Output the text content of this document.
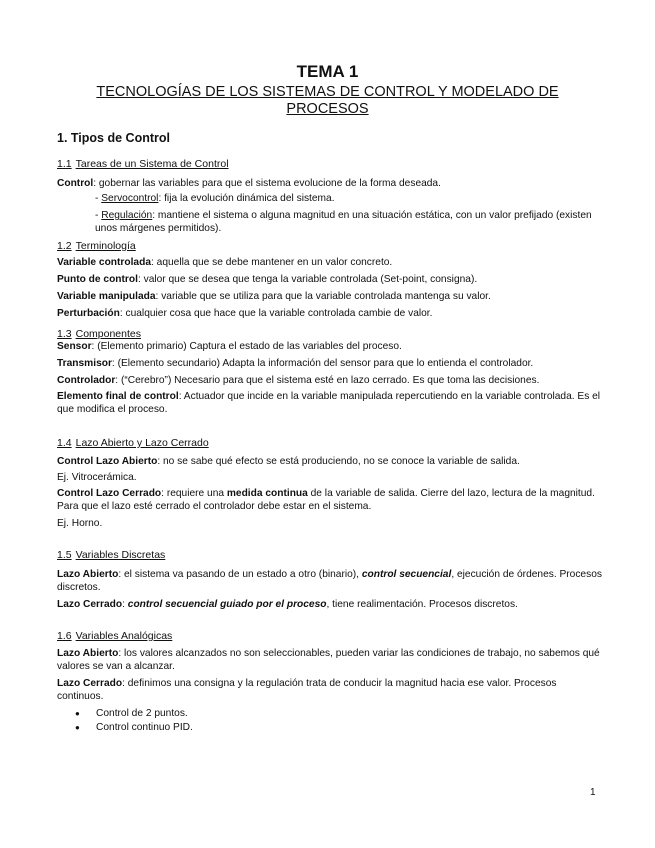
TEMA 1
TECNOLOGÍAS DE LOS SISTEMAS DE CONTROL Y MODELADO DE PROCESOS
1. Tipos de Control
1.1 Tareas de un Sistema de Control
Control: gobernar las variables para que el sistema evolucione de la forma deseada.
- Servocontrol: fija la evolución dinámica del sistema.
- Regulación: mantiene el sistema o alguna magnitud en una situación estática, con un valor prefijado (existen unos márgenes permitidos).
1.2 Terminología
Variable controlada: aquella que se debe mantener en un valor concreto.
Punto de control: valor que se desea que tenga la variable controlada (Set-point, consigna).
Variable manipulada: variable que se utiliza para que la variable controlada mantenga su valor.
Perturbación: cualquier cosa que hace que la variable controlada cambie de valor.
1.3 Componentes
Sensor: (Elemento primario) Captura el estado de las variables del proceso.
Transmisor: (Elemento secundario) Adapta la información del sensor para que lo entienda el controlador.
Controlador: (“Cerebro”) Necesario para que el sistema esté en lazo cerrado. Es que toma las decisiones.
Elemento final de control: Actuador que incide en la variable manipulada repercutiendo en la variable controlada. Es el que modifica el proceso.
1.4 Lazo Abierto y Lazo Cerrado
Control Lazo Abierto: no se sabe qué efecto se está produciendo, no se conoce la variable de salida.
Ej. Vitrocerámica.
Control Lazo Cerrado: requiere una medida continua de la variable de salida. Cierre del lazo, lectura de la magnitud. Para que el lazo esté cerrado el controlador debe estar en el sistema.
Ej. Horno.
1.5 Variables Discretas
Lazo Abierto: el sistema va pasando de un estado a otro (binario), control secuencial, ejecución de órdenes. Procesos discretos.
Lazo Cerrado: control secuencial guiado por el proceso, tiene realimentación. Procesos discretos.
1.6 Variables Analógicas
Lazo Abierto: los valores alcanzados no son seleccionables, pueden variar las condiciones de trabajo, no sabemos qué valores se van a alcanzar.
Lazo Cerrado: definimos una consigna y la regulación trata de conducir la magnitud hacia ese valor. Procesos continuos.
● Control de 2 puntos.
● Control continuo PID.
1
